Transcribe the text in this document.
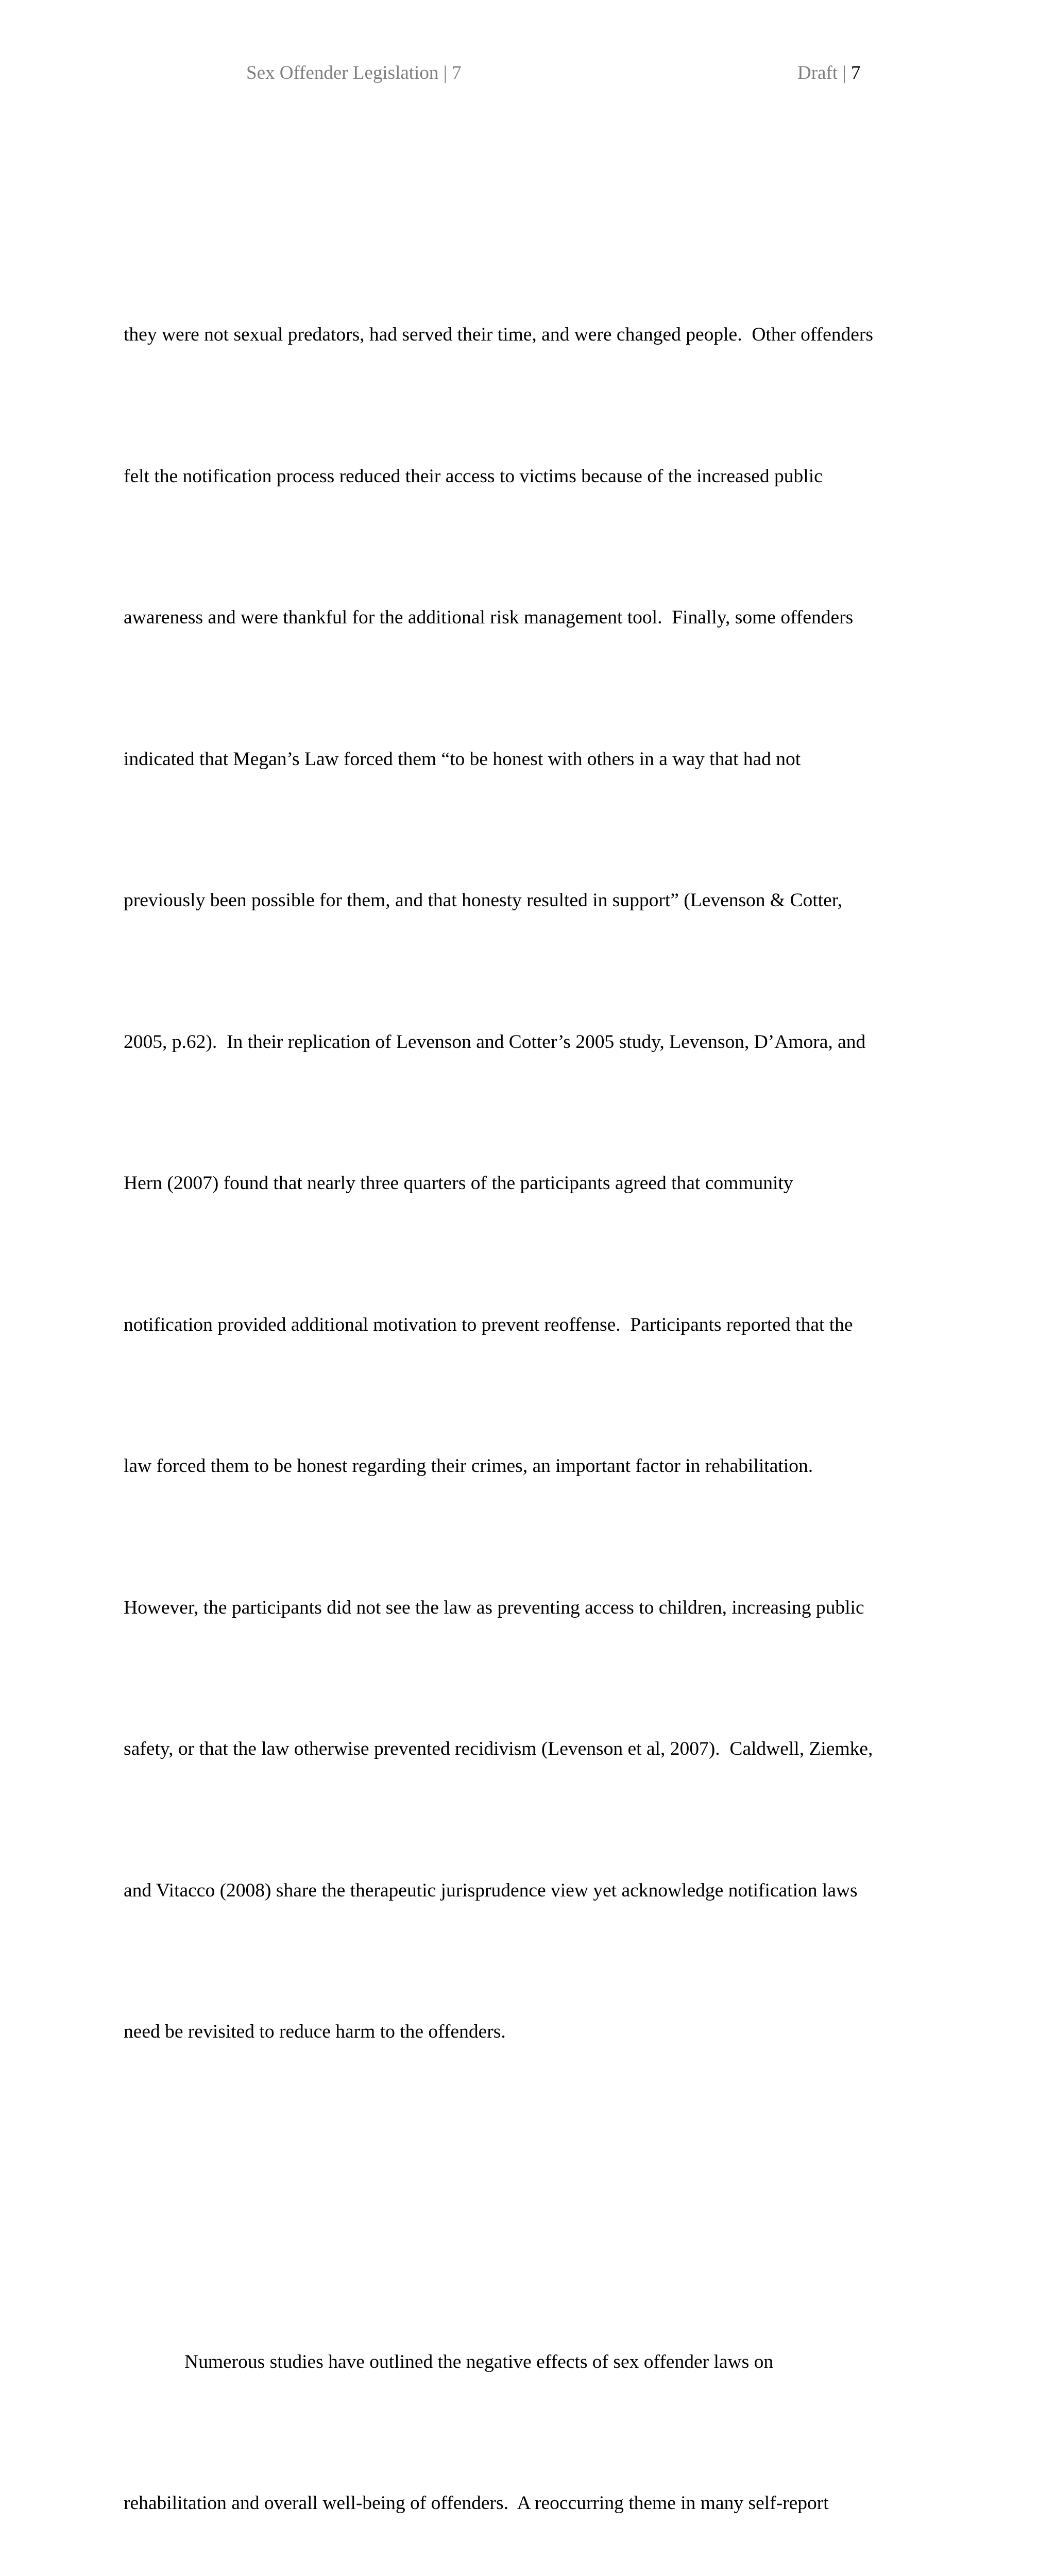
Sex Offender Legislation | 7	Draft | 7

they were not sexual predators, had served their time, and were changed people.  Other offenders

felt the notification process reduced their access to victims because of the increased public

awareness and were thankful for the additional risk management tool.  Finally, some offenders

indicated that Megan’s Law forced them “to be honest with others in a way that had not

previously been possible for them, and that honesty resulted in support” (Levenson & Cotter,

2005, p.62).  In their replication of Levenson and Cotter’s 2005 study, Levenson, D’Amora, and

Hern (2007) found that nearly three quarters of the participants agreed that community

notification provided additional motivation to prevent reoffense.  Participants reported that the

law forced them to be honest regarding their crimes, an important factor in rehabilitation.

However, the participants did not see the law as preventing access to children, increasing public

safety, or that the law otherwise prevented recidivism (Levenson et al, 2007).  Caldwell, Ziemke,

and Vitacco (2008) share the therapeutic jurisprudence view yet acknowledge notification laws

need be revisited to reduce harm to the offenders.

Numerous studies have outlined the negative effects of sex offender laws on

rehabilitation and overall well-being of offenders.  A reoccurring theme in many self-report
